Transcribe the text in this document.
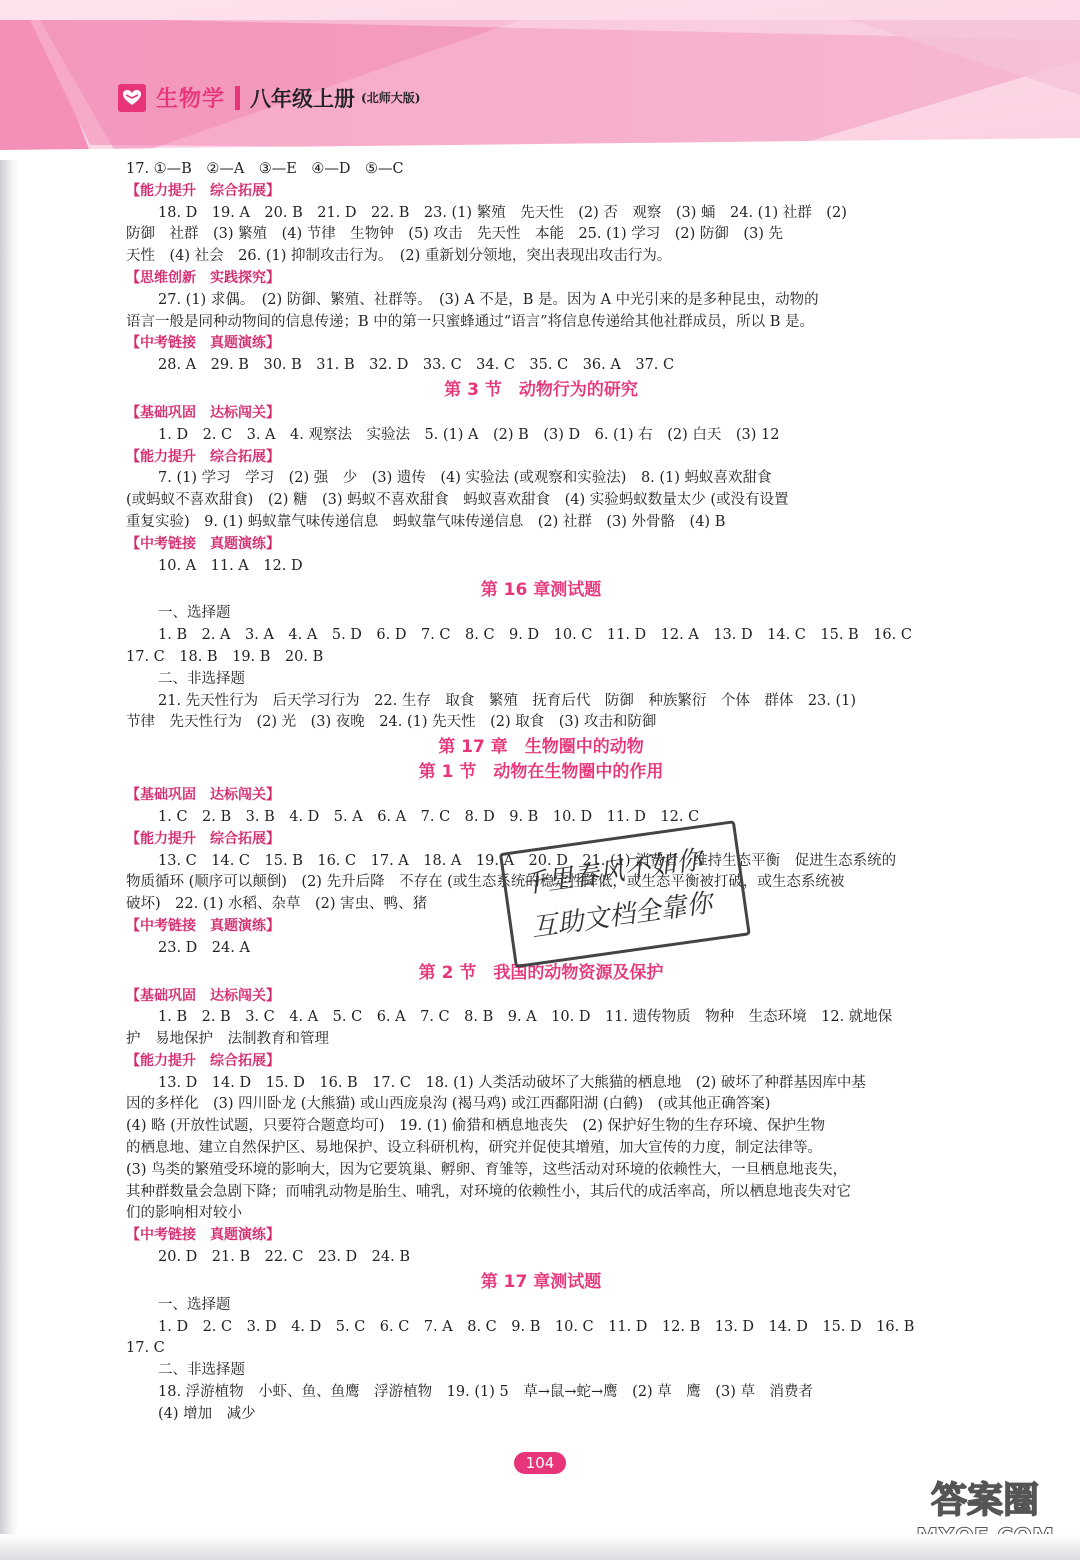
生物学 八年级上册 (北师大版)

17. ①—B　②—A　③—E　④—D　⑤—C

【能力提升　综合拓展】

18. D　19. A　20. B　21. D　22. B　23. (1) 繁殖　先天性　(2) 否　观察　(3) 蛹　24. (1) 社群　(2)

防御　社群　(3) 繁殖　(4) 节律　生物钟　(5) 攻击　先天性　本能　25. (1) 学习　(2) 防御　(3) 先

天性　(4) 社会　26. (1) 抑制攻击行为。　(2) 重新划分领地，突出表现出攻击行为。

【思维创新　实践探究】

27. (1) 求偶。　(2) 防御、繁殖、社群等。　(3) A 不是，B 是。因为 A 中光引来的是多种昆虫，动物的

语言一般是同种动物间的信息传递；B 中的第一只蜜蜂通过“语言”将信息传递给其他社群成员，所以 B 是。

【中考链接　真题演练】

28. A　29. B　30. B　31. B　32. D　33. C　34. C　35. C　36. A　37. C

第 3 节　动物行为的研究

【基础巩固　达标闯关】

1. D　2. C　3. A　4. 观察法　实验法　5. (1) A　(2) B　(3) D　6. (1) 右　(2) 白天　(3) 12

【能力提升　综合拓展】

7. (1) 学习　学习　(2) 强　少　(3) 遗传　(4) 实验法 (或观察和实验法)　8. (1) 蚂蚁喜欢甜食

(或蚂蚁不喜欢甜食)　(2) 糖　(3) 蚂蚁不喜欢甜食　蚂蚁喜欢甜食　(4) 实验蚂蚁数量太少 (或没有设置

重复实验)　9. (1) 蚂蚁靠气味传递信息　蚂蚁靠气味传递信息　(2) 社群　(3) 外骨骼　(4) B

【中考链接　真题演练】

10. A　11. A　12. D

第 16 章测试题

一、选择题

1. B　2. A　3. A　4. A　5. D　6. D　7. C　8. C　9. D　10. C　11. D　12. A　13. D　14. C　15. B　16. C

17. C　18. B　19. B　20. B

二、非选择题

21. 先天性行为　后天学习行为　22. 生存　取食　繁殖　抚育后代　防御　种族繁衍　个体　群体　23. (1)

节律　先天性行为　(2) 光　(3) 夜晚　24. (1) 先天性　(2) 取食　(3) 攻击和防御

第 17 章　生物圈中的动物

第 1 节　动物在生物圈中的作用

【基础巩固　达标闯关】

1. C　2. B　3. B　4. D　5. A　6. A　7. C　8. D　9. B　10. D　11. D　12. C

【能力提升　综合拓展】

13. C　14. C　15. B　16. C　17. A　18. A　19. A　20. D　21. (1) 消费者　维持生态平衡　促进生态系统的

物质循环 (顺序可以颠倒)　(2) 先升后降　不存在 (或生态系统的稳定性降低，或生态平衡被打破，或生态系统被

破坏)　22. (1) 水稻、杂草　(2) 害虫、鸭、猪

【中考链接　真题演练】

23. D　24. A

第 2 节　我国的动物资源及保护

【基础巩固　达标闯关】

1. B　2. B　3. C　4. A　5. C　6. A　7. C　8. B　9. A　10. D　11. 遗传物质　物种　生态环境　12. 就地保

护　易地保护　法制教育和管理

【能力提升　综合拓展】

13. D　14. D　15. D　16. B　17. C　18. (1) 人类活动破坏了大熊猫的栖息地　(2) 破坏了种群基因库中基

因的多样化　(3) 四川卧龙 (大熊猫) 或山西庞泉沟 (褐马鸡) 或江西鄱阳湖 (白鹤)　(或其他正确答案)

(4) 略 (开放性试题，只要符合题意均可)　19. (1) 偷猎和栖息地丧失　(2) 保护好生物的生存环境、保护生物

的栖息地、建立自然保护区、易地保护、设立科研机构，研究并促使其增殖，加大宣传的力度，制定法律等。

(3) 鸟类的繁殖受环境的影响大，因为它要筑巢、孵卵、育雏等，这些活动对环境的依赖性大，一旦栖息地丧失，

其种群数量会急剧下降；而哺乳动物是胎生、哺乳，对环境的依赖性小，其后代的成活率高，所以栖息地丧失对它

们的影响相对较小

【中考链接　真题演练】

20. D　21. B　22. C　23. D　24. B

第 17 章测试题

一、选择题

1. D　2. C　3. D　4. D　5. C　6. C　7. A　8. C　9. B　10. C　11. D　12. B　13. D　14. D　15. D　16. B

17. C

二、非选择题

18. 浮游植物　小虾、鱼、鱼鹰　浮游植物　19. (1) 5　草→鼠→蛇→鹰　(2) 草　鹰　(3) 草　消费者

(4) 增加　减少

千里春风不如你
互助文档全靠你
104
答案圈
